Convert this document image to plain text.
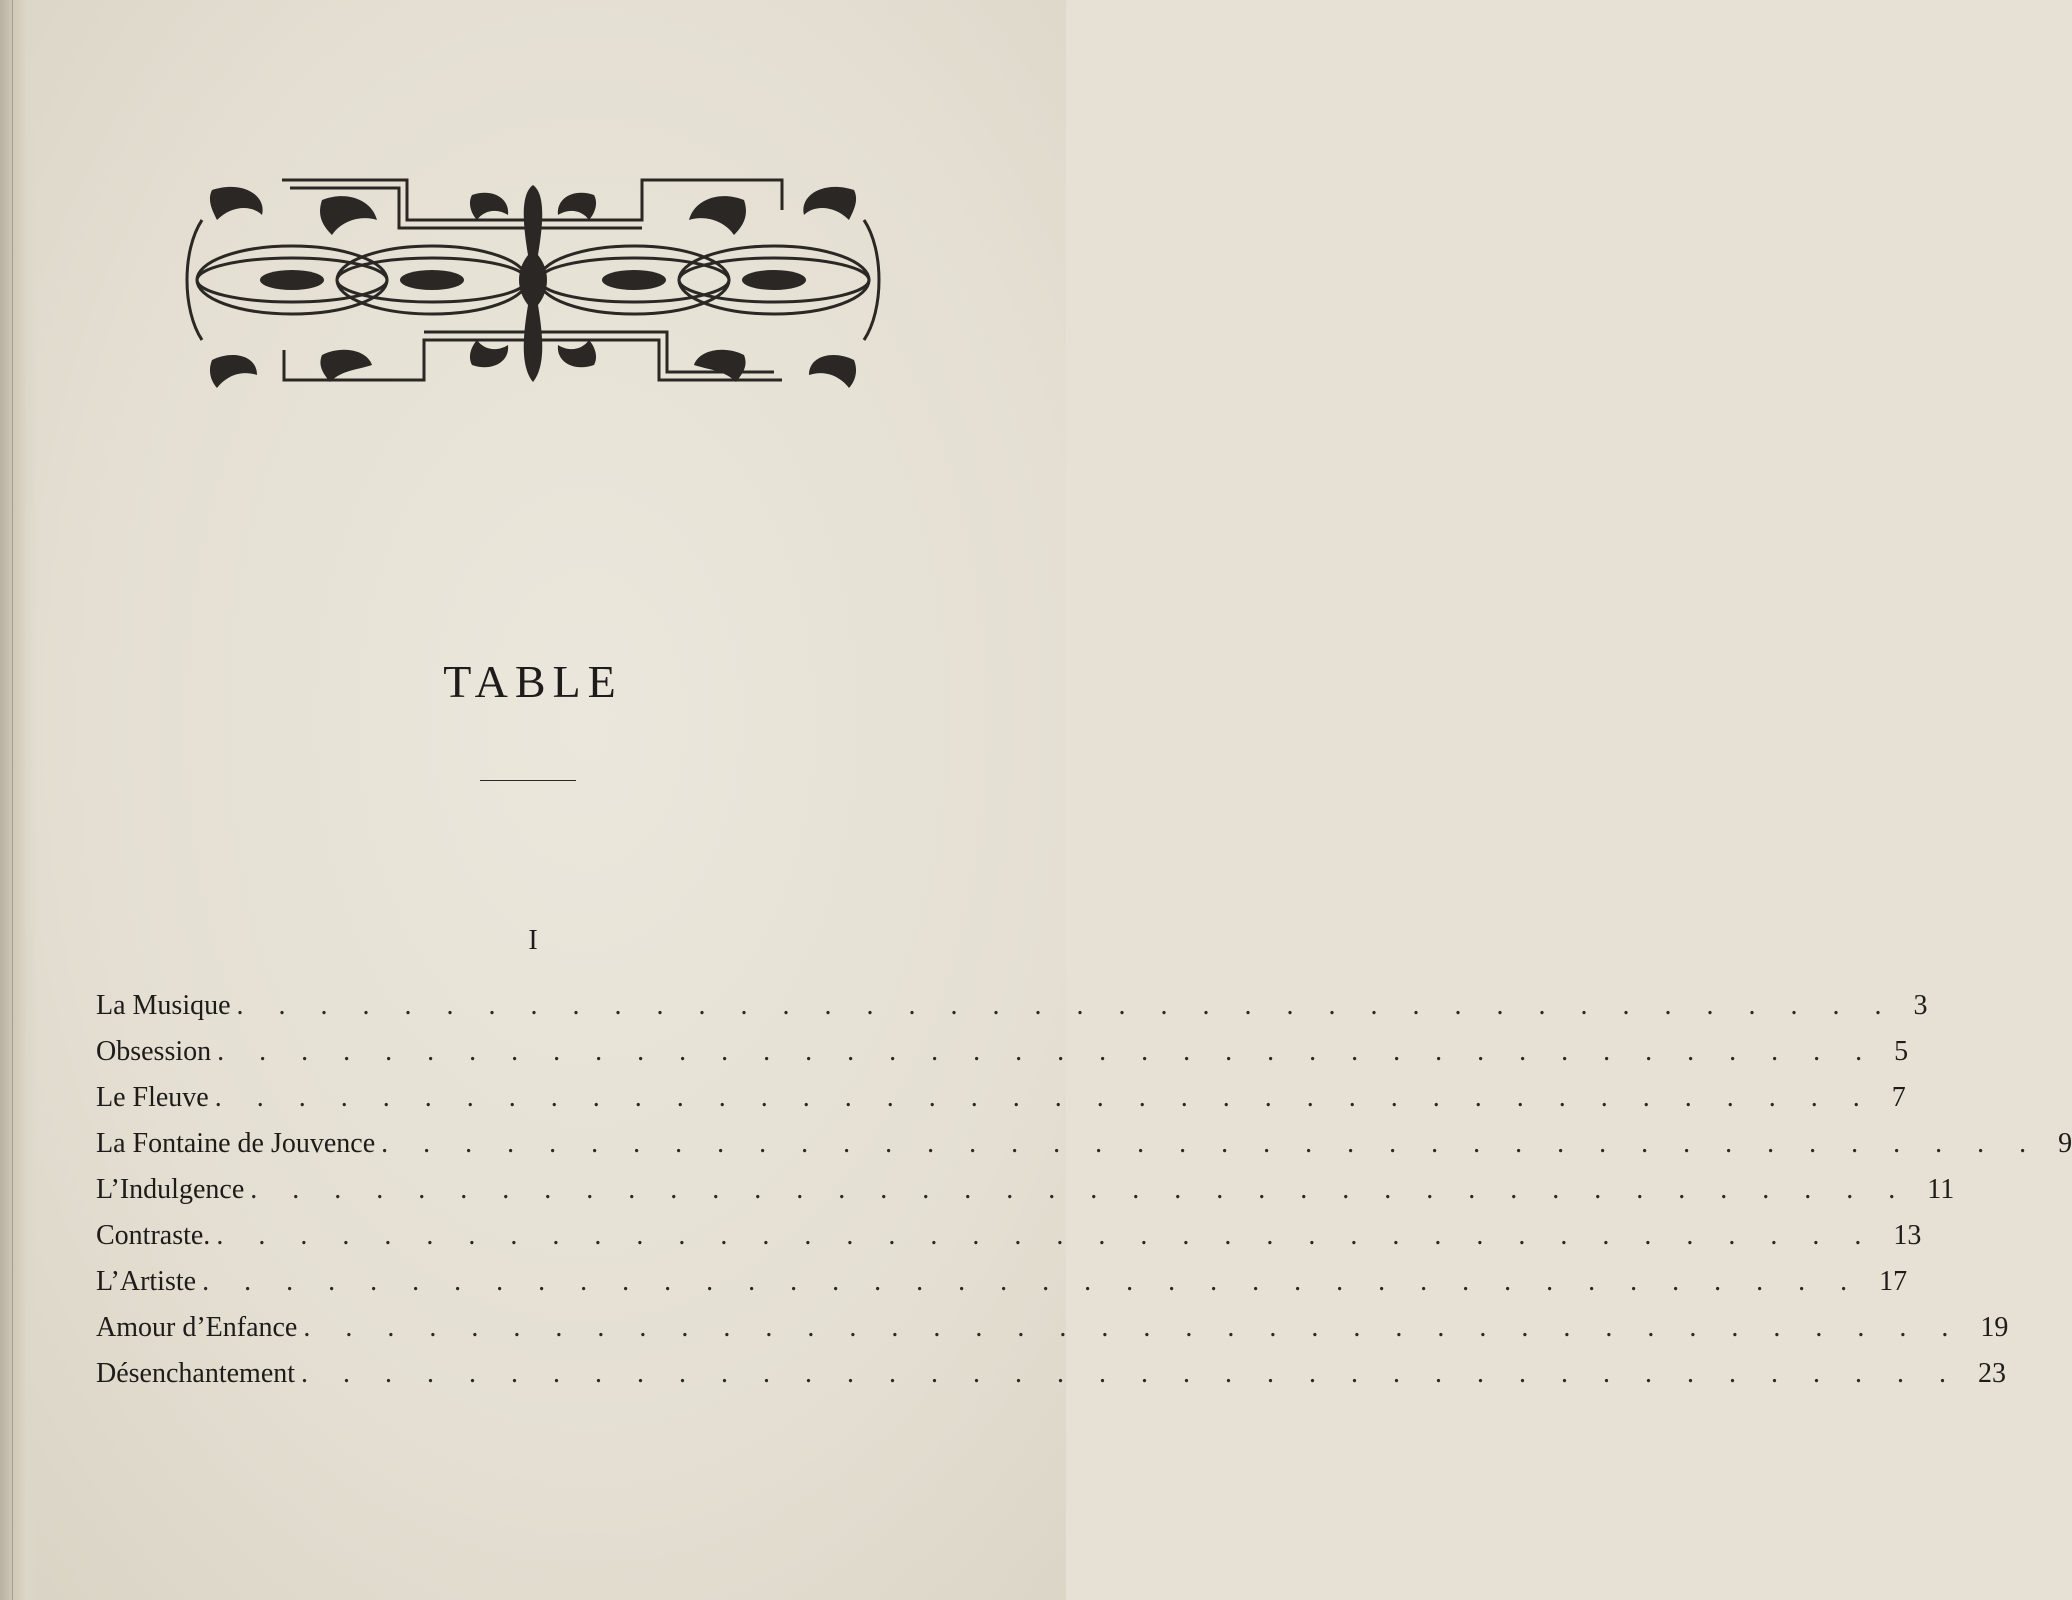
TABLE
I
La Musique . . . . . . . . . . . . . . . . . . . . . . . . . . . . . . . . . . . . . . . . 3
Obsession . . . . . . . . . . . . . . . . . . . . . . . . . . . . . . . . . . . . . . . . 5
Le Fleuve . . . . . . . . . . . . . . . . . . . . . . . . . . . . . . . . . . . . . . . . 7
La Fontaine de Jouvence . . . . . . . . . . . . . . . . . . . . . . . . . . . . . . . . . . . . . . . . 9
L’Indulgence . . . . . . . . . . . . . . . . . . . . . . . . . . . . . . . . . . . . . . . . 11
Contraste. . . . . . . . . . . . . . . . . . . . . . . . . . . . . . . . . . . . . . . . . 13
L’Artiste . . . . . . . . . . . . . . . . . . . . . . . . . . . . . . . . . . . . . . . . 17
Amour d’Enfance . . . . . . . . . . . . . . . . . . . . . . . . . . . . . . . . . . . . . . . . 19
Désenchantement . . . . . . . . . . . . . . . . . . . . . . . . . . . . . . . . . . . . . . . . 23
